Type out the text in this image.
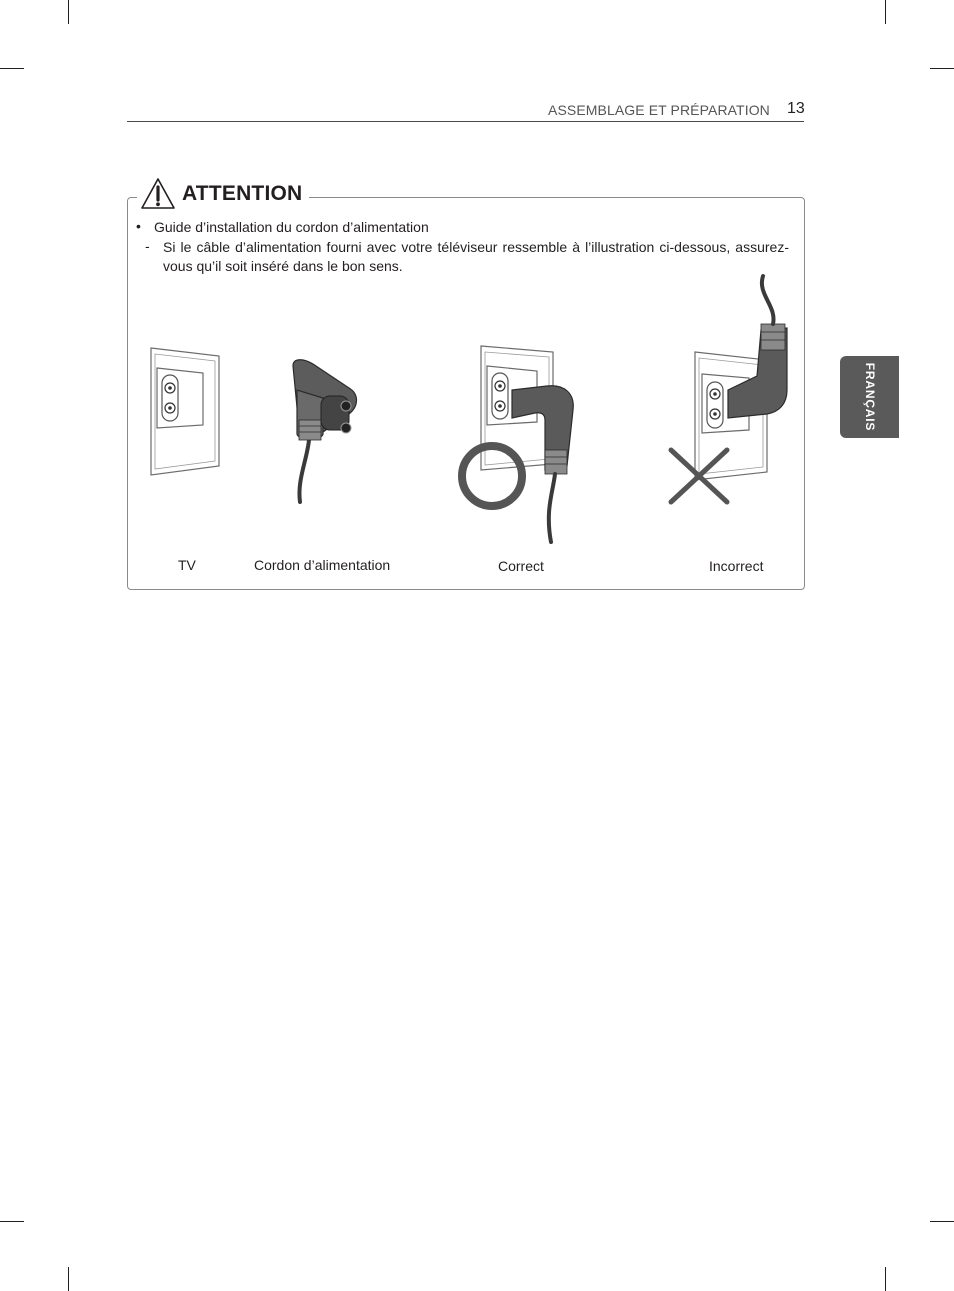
ASSEMBLAGE ET PRÉPARATION 13
FRANÇAIS
ATTENTION
• Guide d’installation du cordon d’alimentation
- Si le câble d’alimentation fourni avec votre téléviseur ressemble à l’illustration ci-dessous, assurez-vous qu’il soit inséré dans le bon sens.
TV	Cordon d’alimentation	Correct	Incorrect
